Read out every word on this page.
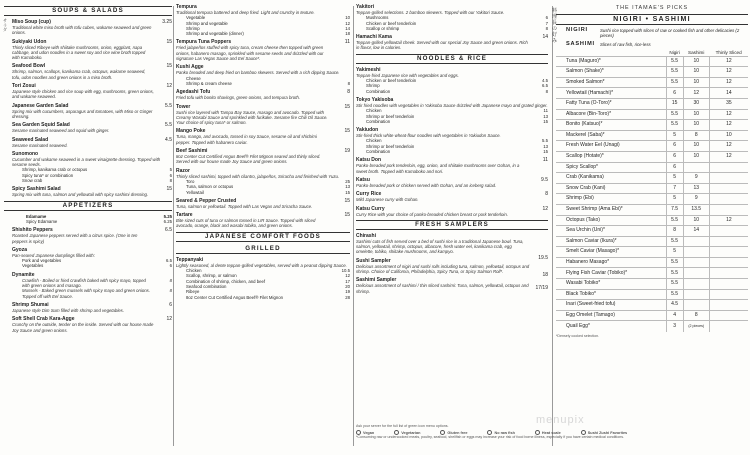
SOUPS & SALADS
サラダ
Miso Soup (cup)
Traditional white miso broth with tofu cubes, wakame seaweed and green onions.
3.25
Sukiyaki Udon
Thinly sliced Ribeye with shiitake mushrooms, onion, eggplant, napa cabbage, and udon noodles in a sweet soy and rice wine broth topped with Kamaboko.
15
Seafood Bowl
Shrimp, salmon, scallops, kanikama crab, octopus, wakame seaweed, tofu, udon noodles and green onions in a miso broth.
15
Tori Zosui
Japanese style chicken and rice soup with egg, mushrooms, green onions, and wakame seaweed.
12
Japanese Garden Salad
Spring mix with cucumbers, asparagus and tomatoes, with Miso or Ginger dressing.
5.5
Sea Garden Squid Salad
Sesame marinated seaweed and squid with ginger.
5.5
Seaweed Salad
Sesame marinated seaweed.
4.5
Sunomono
Cucumber and wakame seaweed in a sweet vinaigrette dressing. Topped with sesame seeds.
Shrimp, kanikama crab or octopus	5
Spicy tuna* or combination	6
Snow crab	8
Spicy Sashimi Salad
Spring mix with tuna, salmon and yellowtail with spicy sashimi dressing.
15
APPETIZERS
Edamame	5.25
Spicy Edamame	6.25
Shishito Peppers
Roasted Japanese peppers served with a citrus spice. (One in ten peppers is spicy)
6.5
Gyoza
Pan-seared Japanese dumplings filled with:
Pork and vegetables	6.5
Vegetables	6
Dynamite
Crawfish - Boiled or fried crawfish baked with spicy mayo, topped with green onions and masago.
8
Mussels - Baked green mussels with spicy mayo and green onions. Topped off with Eel Sauce.
8
Shrimp Shumai
Japanese style Dim Sum filled with shrimp and vegetables.
6
Soft Shell Crab Kara-Agge
Crunchy on the outside, tender on the inside. Served with our house made Joy Sauce and green onions.
12
Tempura
Traditional tempura battered and deep fried. Light and crunchy in texture.
Vegetable	10
Shrimp and vegetable	12
Shrimp	14
Shrimp and vegetable (dinner)	18
Tempura Tuna Poppers
Fried jalapeños stuffed with spicy tuna, cream cheese then topped with green onions, habanero masago, sprinkled with sesame seeds and drizzled with our signature Las Vegas Sauce and Eel Sauce*.
11
Kushi Agge
Panko breaded and deep fried on bamboo skewers. Served with a rich dipping Sauce.
Cheese
Shrimp & cream cheese	8
Agedashi Tofu
Fried tofu with bonito shavings, green onions, and tempura broth.
8
Tower
Sushi rice layered with Tampa Bay Sauce, masago and avocado. Topped with Creamy Wasabi Sauce and sprinkled with furikake. Sesame fire Chili Oil Sauce. Your choice of spicy tuna* or salmon.
15
Mango Poke
Tuna, mango, and avocado, tossed in soy Sauce, sesame oil and shichimi pepper. Topped with habanero caviar.
15
Beef Sashimi
8oz Center Cut Certified Angus Beef® Filet Mignon seared and thinly sliced. Served with our house made Joy Sauce and green onions.
19
Razor
Thinly sliced sashimi, topped with cilantro, jalapeños, Sriracha and finished with Yuzu.
Toro	25
Tuna, salmon or octopus	13
Yellowtail	15
Seared & Pepper Crusted
Tuna, salmon or yellowtail. Topped with Las Vegas and Sriracha Sauce.
15
Tartare
Bite sized cuts of tuna or salmon tossed in LIR Sauce. Topped with sliced avocado, orange, black and wasabi tobiko, and green onions.
15
JAPANESE COMFORT FOODS
GRILLED
Teppanyaki
Lightly seasoned, al dente teppan-grilled vegetables, served with a peanut dipping Sauce.
Chicken	10.5
Scallop, shrimp, or salmon	12
Combination of shrimp, chicken, and beef	17
Seafood combination	20
Ribeye	19
8oz Center Cut Certified Angus Beef® Filet Mignon	28
Yakitori
Teppan-grilled selections. 2 bamboo skewers. Topped with our Yakitori Sauce.
Mushrooms	6
Chicken or beef tenderloin	7
Scallop or shrimp	8
Hamachi Kama
Teppan-grilled yellowtail cheek. Served with our special Joy Sauce and green onions. Rich in flavor, low in calories.
14
NOODLES & RICE
Yakimeshi
Teppan-fried Japanese rice with vegetables and eggs.
Chicken or beef tenderloin	4.5
Shrimp	6.5
Combination	8
Tokyo Yakisoba
Stir fried noodles with vegetables in Yakisoba Sauce drizzled with Japanese mayo and grated ginger.
Chicken	11
Shrimp or beef tenderloin	13
Combination	15
Yakiudon
Stir-fried thick white wheat-flour noodles with vegetables in Yakiudon Sauce.
Chicken	5.5
Shrimp or beef tenderloin	13
Combination	15
Katsu Don
Panko-breaded pork tenderloin, egg, onion, and shiitake mushrooms over Gohan, in a sweet broth. Topped with Kamaboko and nori.
11
Katsu
Panko-breaded pork or chicken served with Gohan, and an iceberg salad.
9.5
Curry Rice
Mild Japanese curry with Gohan.
8
Katsu Curry
Curry Rice with your choice of panko-breaded chicken breast or pork tenderloin.
12
FRESH SAMPLERS
Chirashi
Sashimi cuts of fish served over a bed of sushi rice in a traditional Japanese bowl. Tuna, salmon, yellowtail, shrimp, octopus, albacore, fresh water eel, kanikama crab, egg omelette, tobiko, shiitake mushrooms, and kampyo.
19.5
Sushi Sampler
Delicious assortment of nigiri and sushi rolls including tuna, salmon, yellowtail, octopus and shrimp. Choice of California, Philadelphia, Spicy Tuna, or Spicy Salmon Roll*.
18
Sashimi Sampler
Delicious assortment of sashimi / thin sliced sashimi: Tuna, salmon, yellowtail, octopus and shrimp.	17/19
料理長の好み
THE ITAMAE'S PICKS
NIGIRI • SASHIMI
NIGIRI
SASHIMI
Sushi rice topped with slices of raw or cooked fish and other delicacies (2 pieces)
Slices of raw fish, rice-less
	Nigiri	Sashimi	Thinly Sliced
Tuna (Maguro)*	5.5	10	12
Salmon (Shake)*	5.5	10	12
Smoked Salmon*	5.5	10	12
Yellowtail (Hamachi)*	6	12	14
Fatty Tuna (O-Toro)*	15	30	35
Albacore (Bin-Toro)*	5.5	10	12
Bonito (Katsuo)*	5.5	10	12
Mackerel (Saba)*	5	8	10
Fresh Water Eel (Unagi)	6	10	12
Scallop (Hotate)*	6	10	12
Spicy Scallop*	6		
Crab (Kanikama)	5	9	
Snow Crab (Kani)	7	13	
Shrimp (Ebi)	5	9	
Sweet Shrimp (Ama Ebi)*	7.5	13.5	
Octopus (Tako)	5.5	10	12
Sea Urchin (Uni)*	8	14	
Salmon Caviar (Ikura)*	5.5		
Smelt Caviar (Masago)*	5		
Habanero Masago*	5.5		
Flying Fish Caviar (Tobiko)*	5.5		
Wasabi Tobiko*	5.5		
Black Tobiko*	5.5		
Inari (Sweet-fried tofu)	4.5		
Egg Omelet (Tamago)	4	8	
Quail Egg*	3	(2 pieces)	
*Densely cooked selection.
Ask your server for the full list of green icon menu options.
Vegan	Vegetarian	Gluten free	No raw fish	Heat scale	Sushi Zushi Favorites
*Consuming raw or undercooked meats, poultry, seafood, shellfish or eggs may increase your risk of food borne illness, especially if you have certain medical conditions.
menupix
